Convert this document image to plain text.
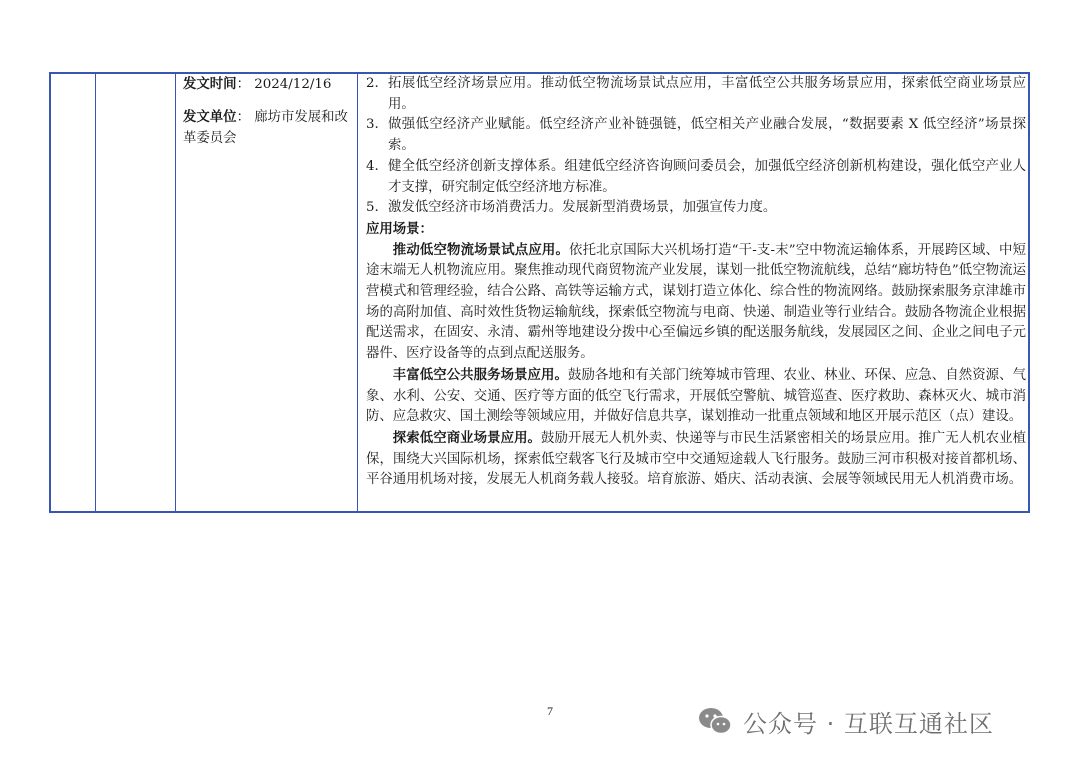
发文时间： 2024/12/16

发文单位： 廊坊市发展和改革委员会

2. 拓展低空经济场景应用。推动低空物流场景试点应用，丰富低空公共服务场景应用，探索低空商业场景应用。
3. 做强低空经济产业赋能。低空经济产业补链强链，低空相关产业融合发展，“数据要素 X 低空经济”场景探索。
4. 健全低空经济创新支撑体系。组建低空经济咨询顾问委员会，加强低空经济创新机构建设，强化低空产业人才支撑，研究制定低空经济地方标准。
5. 激发低空经济市场消费活力。发展新型消费场景，加强宣传力度。

应用场景：

推动低空物流场景试点应用。依托北京国际大兴机场打造“干-支-末”空中物流运输体系，开展跨区域、中短途末端无人机物流应用。聚焦推动现代商贸物流产业发展，谋划一批低空物流航线，总结“廊坊特色”低空物流运营模式和管理经验，结合公路、高铁等运输方式，谋划打造立体化、综合性的物流网络。鼓励探索服务京津雄市场的高附加值、高时效性货物运输航线，探索低空物流与电商、快递、制造业等行业结合。鼓励各物流企业根据配送需求，在固安、永清、霸州等地建设分拨中心至偏远乡镇的配送服务航线，发展园区之间、企业之间电子元器件、医疗设备等的点到点配送服务。

丰富低空公共服务场景应用。鼓励各地和有关部门统筹城市管理、农业、林业、环保、应急、自然资源、气象、水利、公安、交通、医疗等方面的低空飞行需求，开展低空警航、城管巡查、医疗救助、森林灭火、城市消防、应急救灾、国土测绘等领域应用，并做好信息共享，谋划推动一批重点领域和地区开展示范区（点）建设。

探索低空商业场景应用。鼓励开展无人机外卖、快递等与市民生活紧密相关的场景应用。推广无人机农业植保，围绕大兴国际机场，探索低空载客飞行及城市空中交通短途载人飞行服务。鼓励三河市积极对接首都机场、平谷通用机场对接，发展无人机商务载人接驳。培育旅游、婚庆、活动表演、会展等领域民用无人机消费市场。

7	公众号 · 互联互通社区
